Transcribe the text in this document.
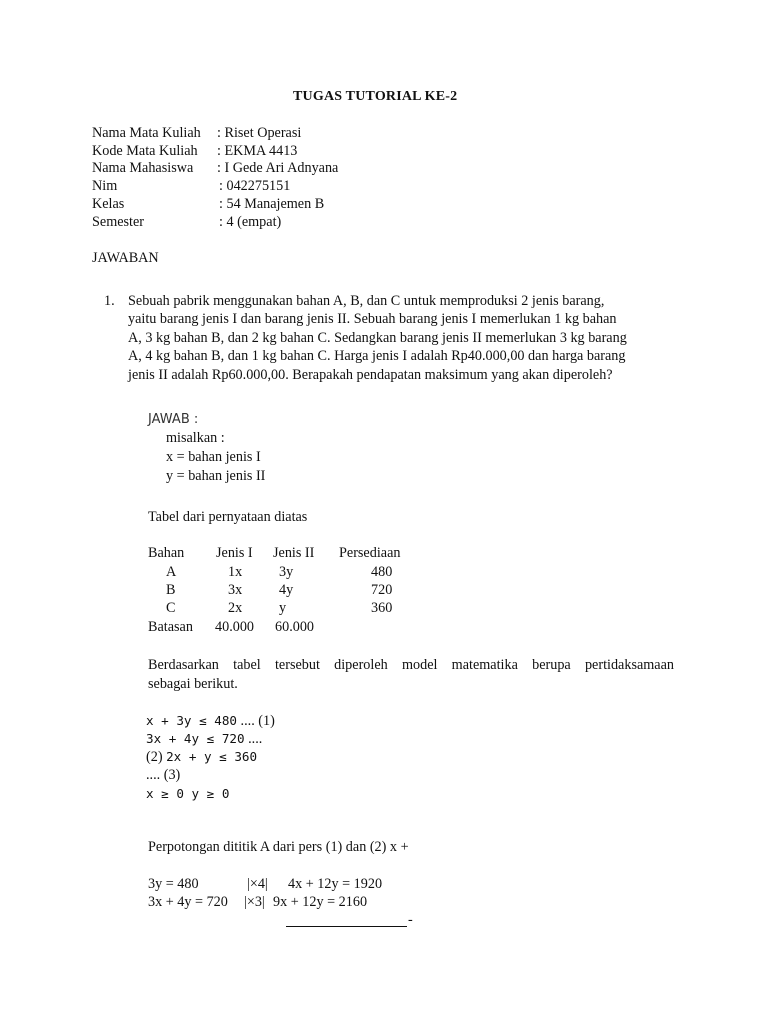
TUGAS TUTORIAL KE-2
Nama Mata Kuliah : Riset Operasi
Kode Mata Kuliah : EKMA 4413
Nama Mahasiswa : I Gede Ari Adnyana
Nim	: 042275151
Kelas	: 54 Manajemen B
Semester	: 4 (empat)
JAWABAN
1. Sebuah pabrik menggunakan bahan A, B, dan C untuk memproduksi 2 jenis barang,
yaitu barang jenis I dan barang jenis II. Sebuah barang jenis I memerlukan 1 kg bahan
A, 3 kg bahan B, dan 2 kg bahan C. Sedangkan barang jenis II memerlukan 3 kg barang
A, 4 kg bahan B, dan 1 kg bahan C. Harga jenis I adalah Rp40.000,00 dan harga barang
jenis II adalah Rp60.000,00. Berapakah pendapatan maksimum yang akan diperoleh?
JAWAB :
misalkan :
x = bahan jenis I
y = bahan jenis II
Tabel dari pernyataan diatas
Bahan Jenis I Jenis II Persediaan
A	1x	3y	480
B	3x	4y	720
C	2x	y	360
Batasan 40.000 60.000
Berdasarkan tabel tersebut diperoleh model matematika berupa pertidaksamaan
sebagai berikut.
x + 3y ≤ 480 .... (1)
3x + 4y ≤ 720 ....
(2) 2x + y ≤ 360
.... (3)
x ≥ 0 y ≥ 0
Perpotongan dititik A dari pers (1) dan (2) x +
3y = 480	|×4| 4x + 12y = 1920
3x + 4y = 720 |×3| 9x + 12y = 2160
-
